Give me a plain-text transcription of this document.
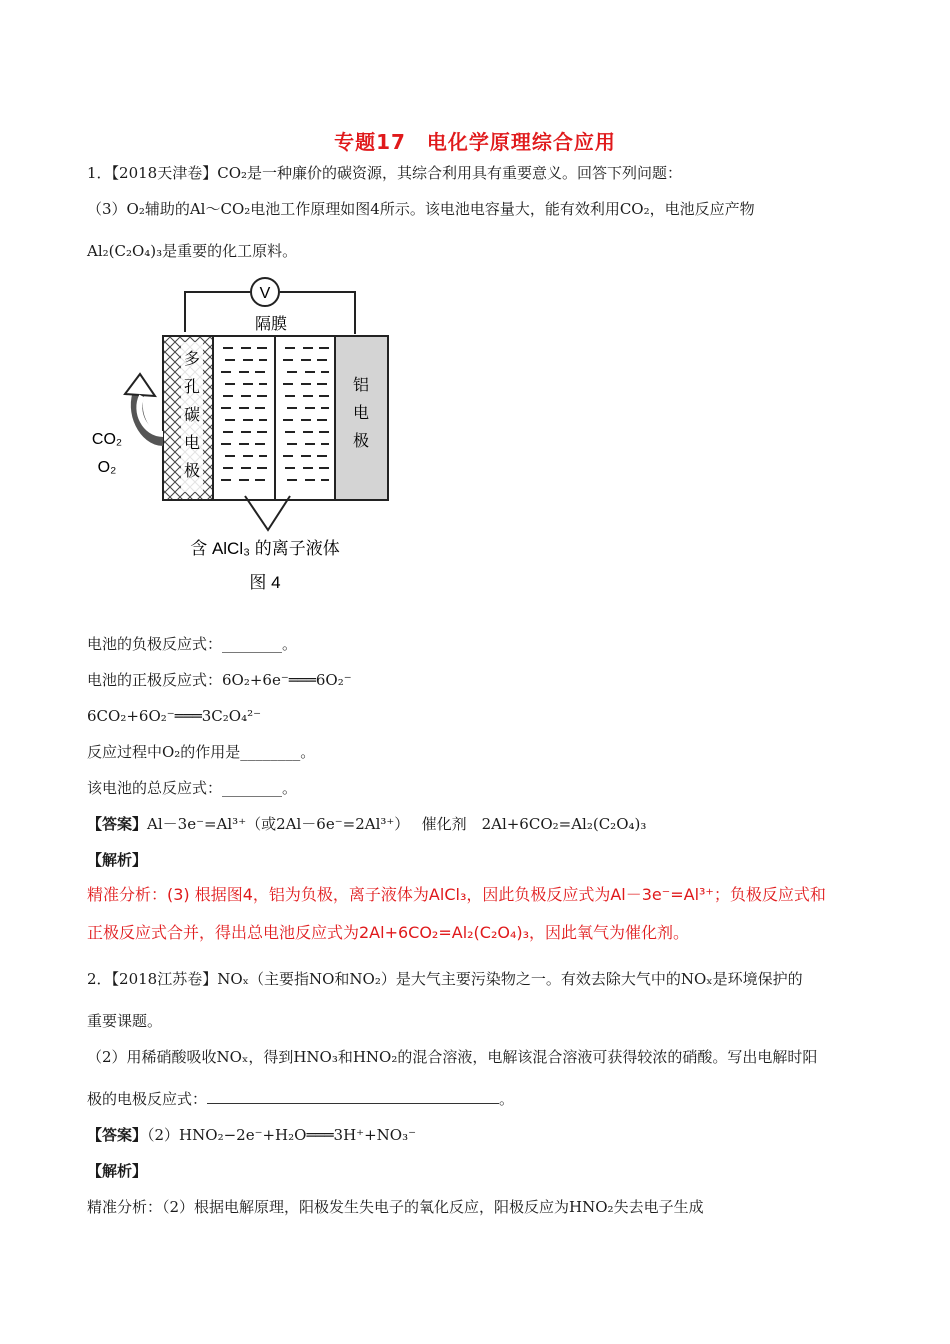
专题17　电化学原理综合应用
1．【2018天津卷】CO₂是一种廉价的碳资源，其综合利用具有重要意义。回答下列问题：
（3）O₂辅助的Al～CO₂电池工作原理如图4所示。该电池电容量大，能有效利用CO₂，电池反应产物
Al₂(C₂O₄)₃是重要的化工原料。
V
隔膜
多
孔
碳
电
极
铝
电
极
CO₂
O₂
含 AlCl₃ 的离子液体
图 4
电池的负极反应式：________。
电池的正极反应式：6O₂+6e⁻═══6O₂⁻
6CO₂+6O₂⁻═══3C₂O₄²⁻
反应过程中O₂的作用是________。
该电池的总反应式：________。
【答案】Al－3e⁻=Al³⁺（或2Al－6e⁻=2Al³⁺）　 催化剂　2Al+6CO₂=Al₂(C₂O₄)₃
【解析】
精准分析：(3) 根据图4，铝为负极，离子液体为AlCl₃，因此负极反应式为Al－3e⁻=Al³⁺；负极反应式和
正极反应式合并，得出总电池反应式为2Al+6CO₂=Al₂(C₂O₄)₃，因此氧气为催化剂。
2．【2018江苏卷】NOₓ（主要指NO和NO₂）是大气主要污染物之一。有效去除大气中的NOₓ是环境保护的
重要课题。
（2）用稀硝酸吸收NOₓ，得到HNO₃和HNO₂的混合溶液，电解该混合溶液可获得较浓的硝酸。写出电解时阳
极的电极反应式：	。
【答案】（2）HNO₂−2e⁻+H₂O═══3H⁺+NO₃⁻
【解析】
精准分析：（2）根据电解原理，阳极发生失电子的氧化反应，阳极反应为HNO₂失去电子生成
